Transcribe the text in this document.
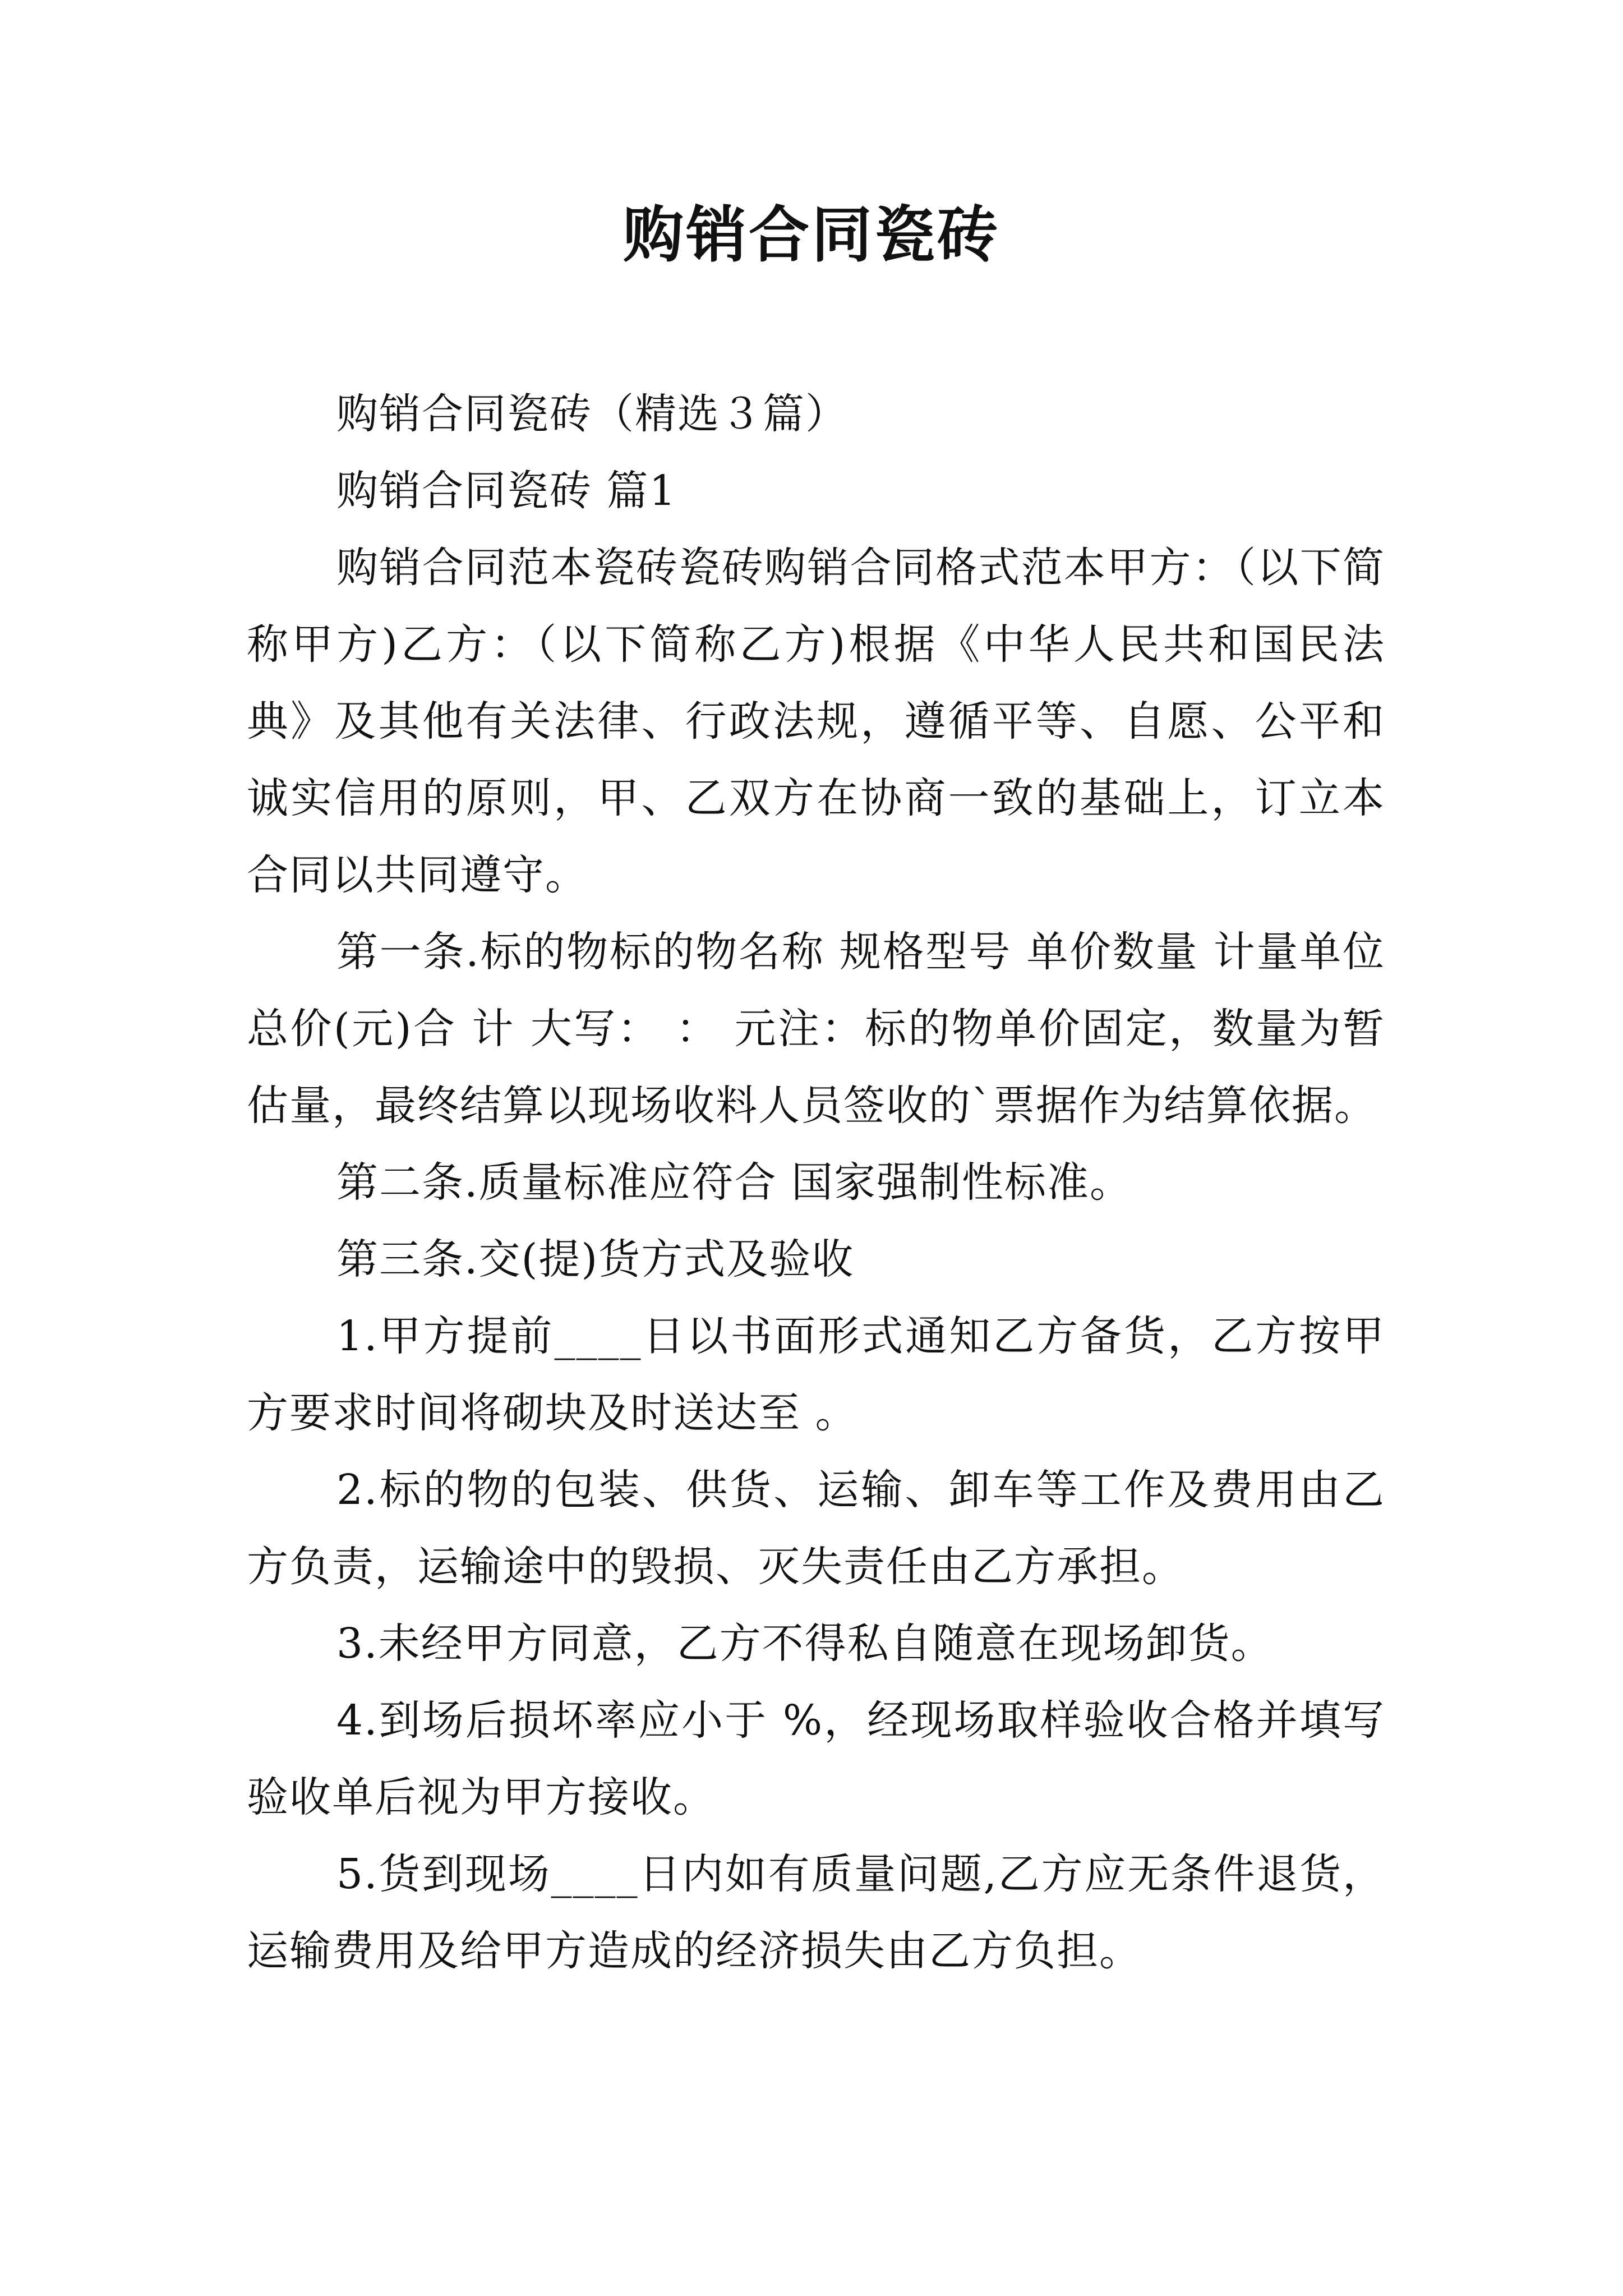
购销合同瓷砖

购销合同瓷砖（精选３篇）

购销合同瓷砖 篇1

购销合同范本瓷砖瓷砖购销合同格式范本甲方：（以下简称甲方)乙方：（以下简称乙方)根据《中华人民共和国民法典》及其他有关法律、行政法规，遵循平等、自愿、公平和诚实信用的原则，甲、乙双方在协商一致的基础上，订立本合同以共同遵守。

第一条.标的物标的物名称 规格型号 单价数量 计量单位 总价(元)合 计 大写： ： 元注：标的物单价固定，数量为暂估量，最终结算以现场收料人员签收的`票据作为结算依据。

第二条.质量标准应符合 国家强制性标准。

第三条.交(提)货方式及验收

1.甲方提前____日以书面形式通知乙方备货，乙方按甲方要求时间将砌块及时送达至 。

2.标的物的包装、供货、运输、卸车等工作及费用由乙方负责，运输途中的毁损、灭失责任由乙方承担。

3.未经甲方同意，乙方不得私自随意在现场卸货。

4.到场后损坏率应小于 %，经现场取样验收合格并填写验收单后视为甲方接收。

5.货到现场____日内如有质量问题,乙方应无条件退货，运输费用及给甲方造成的经济损失由乙方负担。
